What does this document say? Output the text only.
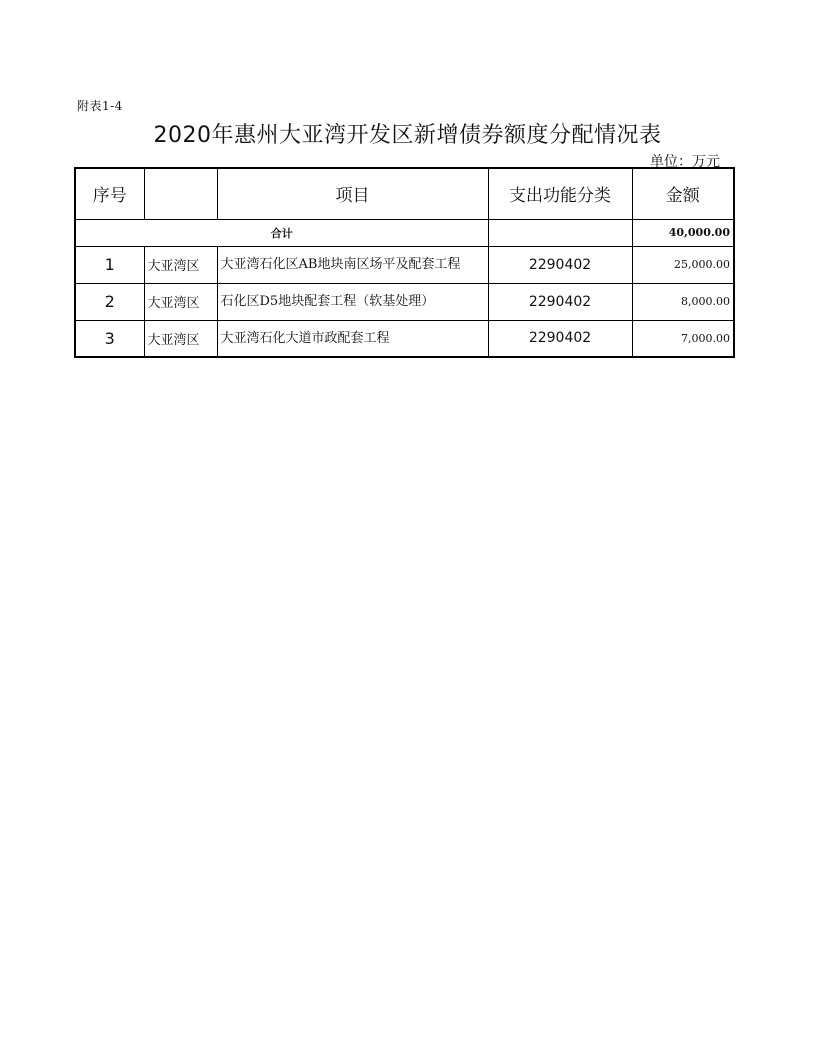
附表1-4
2020年惠州大亚湾开发区新增债券额度分配情况表
单位：万元
序号		项目	支出功能分类	金额
合计				40,000.00
1	大亚湾区	大亚湾石化区AB地块南区场平及配套工程	2290402	25,000.00
2	大亚湾区	石化区D5地块配套工程（软基处理）	2290402	8,000.00
3	大亚湾区	大亚湾石化大道市政配套工程	2290402	7,000.00
